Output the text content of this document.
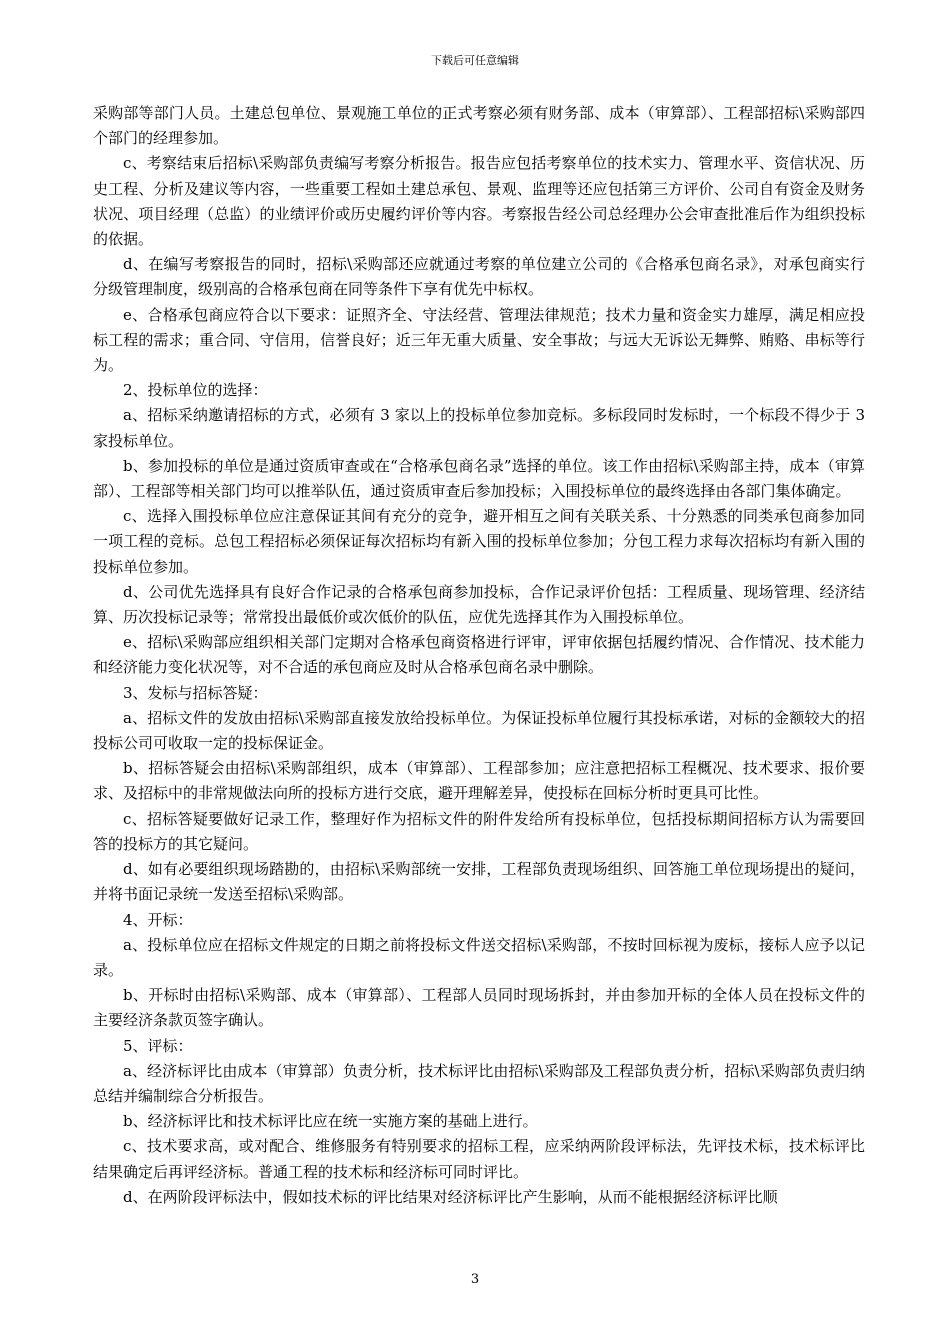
下载后可任意编辑

采购部等部门人员。土建总包单位、景观施工单位的正式考察必须有财务部、成本（审算部）、工程部招标\采购部四个部门的经理参加。

c、考察结束后招标\采购部负责编写考察分析报告。报告应包括考察单位的技术实力、管理水平、资信状况、历史工程、分析及建议等内容，一些重要工程如土建总承包、景观、监理等还应包括第三方评价、公司自有资金及财务状况、项目经理（总监）的业绩评价或历史履约评价等内容。考察报告经公司总经理办公会审查批准后作为组织投标的依据。

d、在编写考察报告的同时，招标\采购部还应就通过考察的单位建立公司的《合格承包商名录》，对承包商实行分级管理制度，级别高的合格承包商在同等条件下享有优先中标权。

e、合格承包商应符合以下要求：证照齐全、守法经营、管理法律规范；技术力量和资金实力雄厚，满足相应投标工程的需求；重合同、守信用，信誉良好；近三年无重大质量、安全事故；与远大无诉讼无舞弊、贿赂、串标等行为。

2、投标单位的选择：

a、招标采纳邀请招标的方式，必须有 3 家以上的投标单位参加竞标。多标段同时发标时，一个标段不得少于 3 家投标单位。

b、参加投标的单位是通过资质审查或在“合格承包商名录”选择的单位。该工作由招标\采购部主持，成本（审算部）、工程部等相关部门均可以推举队伍，通过资质审查后参加投标；入围投标单位的最终选择由各部门集体确定。

c、选择入围投标单位应注意保证其间有充分的竞争，避开相互之间有关联关系、十分熟悉的同类承包商参加同一项工程的竞标。总包工程招标必须保证每次招标均有新入围的投标单位参加；分包工程力求每次招标均有新入围的投标单位参加。

d、公司优先选择具有良好合作记录的合格承包商参加投标，合作记录评价包括：工程质量、现场管理、经济结算、历次投标记录等；常常投出最低价或次低价的队伍，应优先选择其作为入围投标单位。

e、招标\采购部应组织相关部门定期对合格承包商资格进行评审，评审依据包括履约情况、合作情况、技术能力和经济能力变化状况等，对不合适的承包商应及时从合格承包商名录中删除。

3、发标与招标答疑：

a、招标文件的发放由招标\采购部直接发放给投标单位。为保证投标单位履行其投标承诺，对标的金额较大的招投标公司可收取一定的投标保证金。

b、招标答疑会由招标\采购部组织，成本（审算部）、工程部参加；应注意把招标工程概况、技术要求、报价要求、及招标中的非常规做法向所的投标方进行交底，避开理解差异，使投标在回标分析时更具可比性。

c、招标答疑要做好记录工作，整理好作为招标文件的附件发给所有投标单位，包括投标期间招标方认为需要回答的投标方的其它疑问。

d、如有必要组织现场踏勘的，由招标\采购部统一安排，工程部负责现场组织、回答施工单位现场提出的疑问，并将书面记录统一发送至招标\采购部。

4、开标：

a、投标单位应在招标文件规定的日期之前将投标文件送交招标\采购部，不按时回标视为废标，接标人应予以记录。

b、开标时由招标\采购部、成本（审算部）、工程部人员同时现场拆封，并由参加开标的全体人员在投标文件的主要经济条款页签字确认。

5、评标：

a、经济标评比由成本（审算部）负责分析，技术标评比由招标\采购部及工程部负责分析，招标\采购部负责归纳总结并编制综合分析报告。

b、经济标评比和技术标评比应在统一实施方案的基础上进行。

c、技术要求高，或对配合、维修服务有特别要求的招标工程，应采纳两阶段评标法，先评技术标，技术标评比结果确定后再评经济标。普通工程的技术标和经济标可同时评比。

d、在两阶段评标法中，假如技术标的评比结果对经济标评比产生影响，从而不能根据经济标评比顺

3
